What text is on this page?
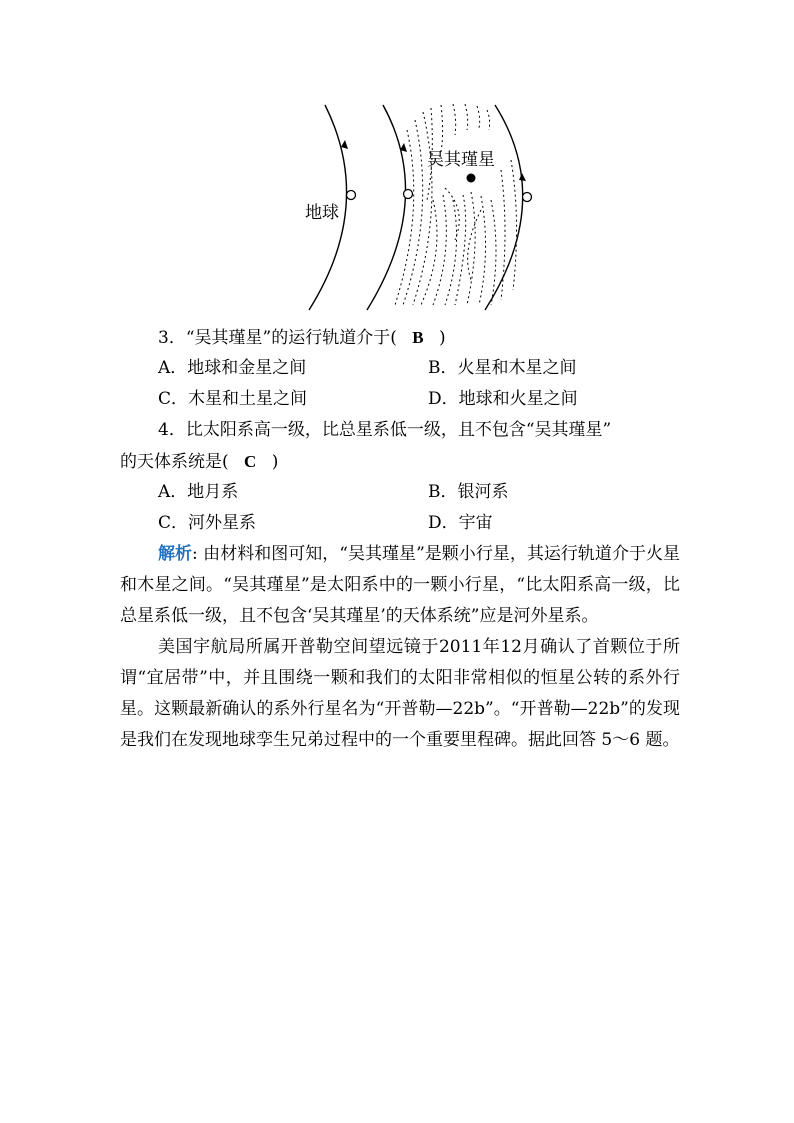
地球
吴其瑾星
3．“吴其瑾星”的运行轨道介于( B )
A．地球和金星之间	B．火星和木星之间
C．木星和土星之间	D．地球和火星之间
4．比太阳系高一级，比总星系低一级，且不包含“吴其瑾星”
的天体系统是( C )
A．地月系	B．银河系
C．河外星系	D．宇宙

解析: 由材料和图可知，“吴其瑾星”是颗小行星，其运行轨道介于火星和木星之间。“吴其瑾星”是太阳系中的一颗小行星，“比太阳系高一级，比总星系低一级，且不包含‘吴其瑾星’的天体系统”应是河外星系。

美国宇航局所属开普勒空间望远镜于2011年12月确认了首颗位于所谓“宜居带”中，并且围绕一颗和我们的太阳非常相似的恒星公转的系外行星。这颗最新确认的系外行星名为“开普勒—22b”。“开普勒—22b”的发现是我们在发现地球孪生兄弟过程中的一个重要里程碑。据此回答 5～6 题。
